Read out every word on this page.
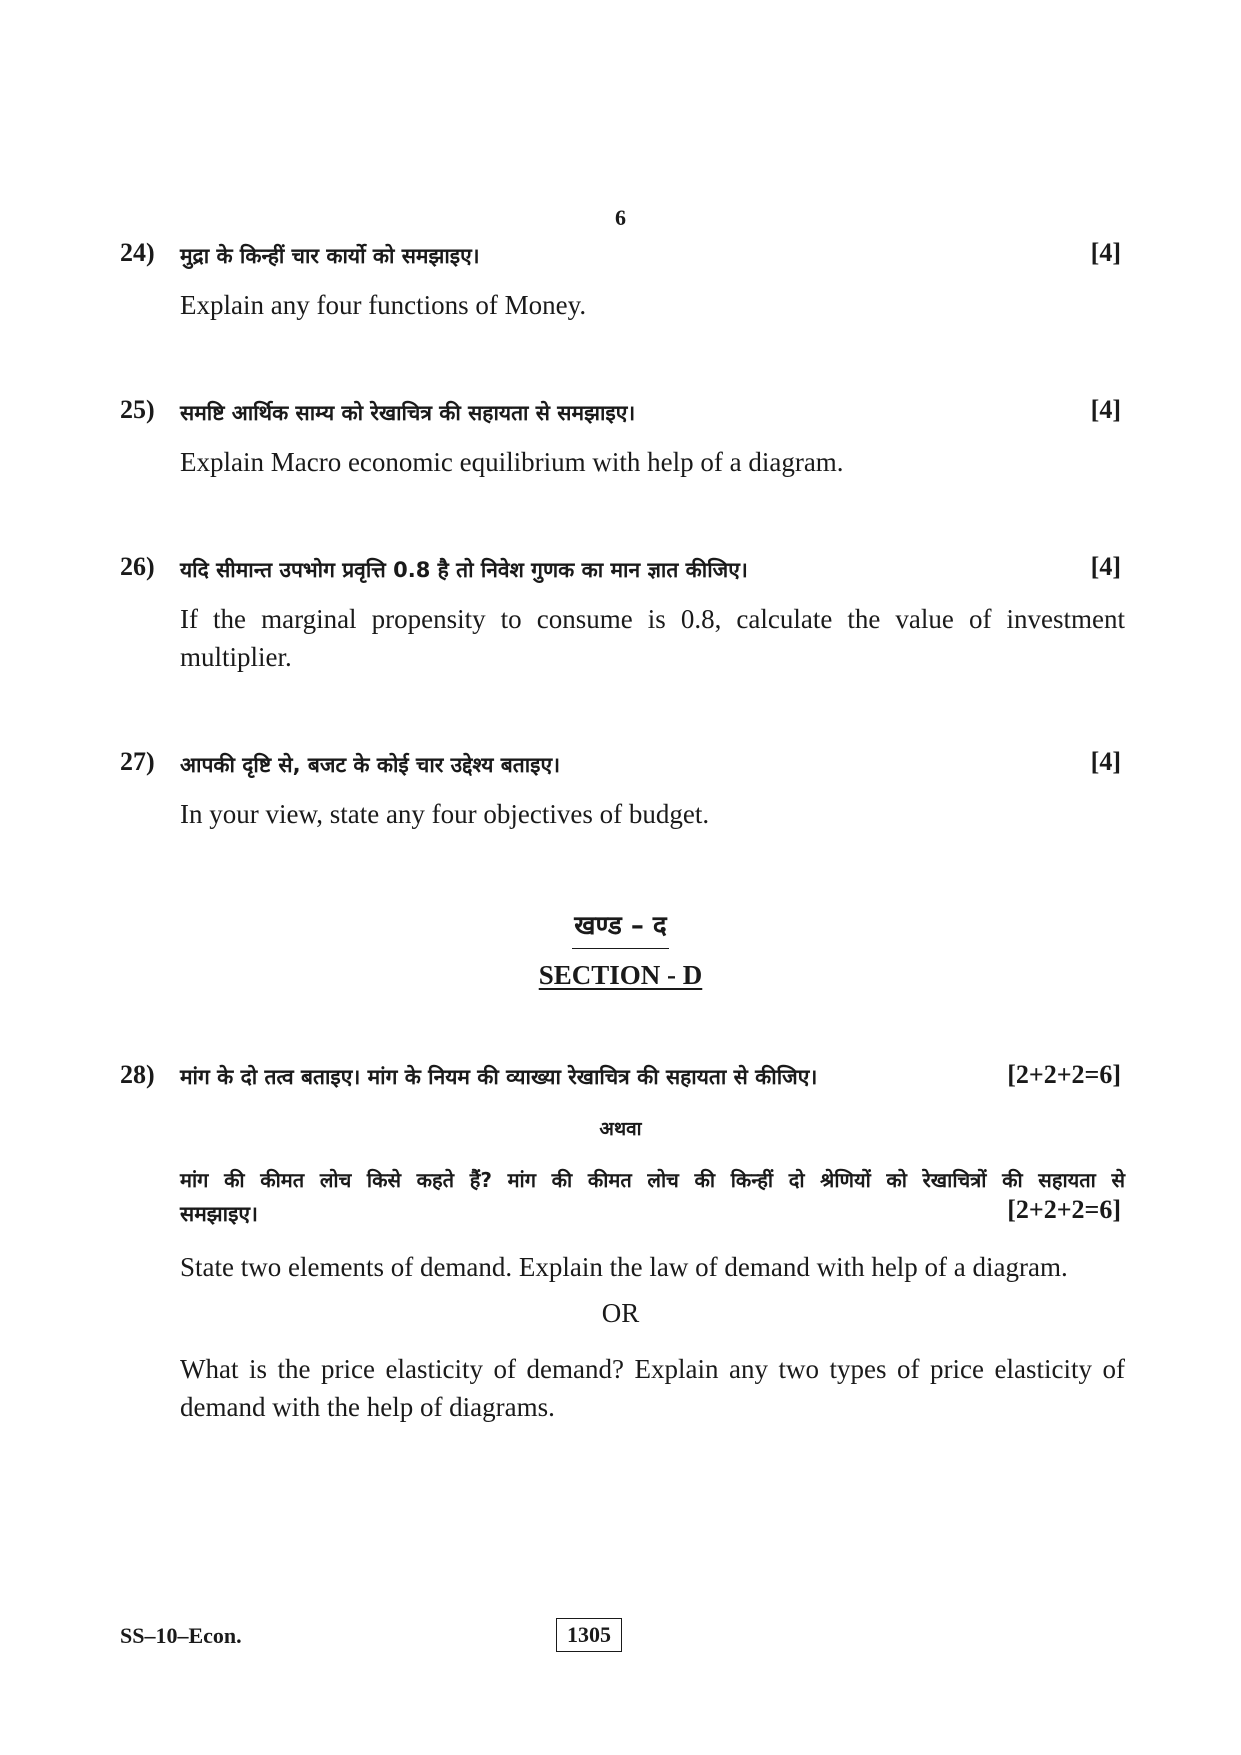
6
24) मुद्रा के किन्हीं चार कार्यो को समझाइए।	[4]
Explain any four functions of Money.
25) समष्टि आर्थिक साम्य को रेखाचित्र की सहायता से समझाइए।	[4]
Explain Macro economic equilibrium with help of a diagram.
26) यदि सीमान्त उपभोग प्रवृत्ति 0.8 है तो निवेश गुणक का मान ज्ञात कीजिए।	[4]
If the marginal propensity to consume is 0.8, calculate the value of investment multiplier.
27) आपकी दृष्टि से, बजट के कोई चार उद्देश्य बताइए।	[4]
In your view, state any four objectives of budget.
खण्ड – द
SECTION - D
28) मांग के दो तत्व बताइए। मांग के नियम की व्याख्या रेखाचित्र की सहायता से कीजिए।	[2+2+2=6]
अथवा
मांग की कीमत लोच किसे कहते हैं? मांग की कीमत लोच की किन्हीं दो श्रेणियों को रेखाचित्रों की सहायता से
समझाइए।	[2+2+2=6]
State two elements of demand. Explain the law of demand with help of a diagram.
OR
What is the price elasticity of demand? Explain any two types of price elasticity of demand with the help of diagrams.
SS–10–Econ.	1305
